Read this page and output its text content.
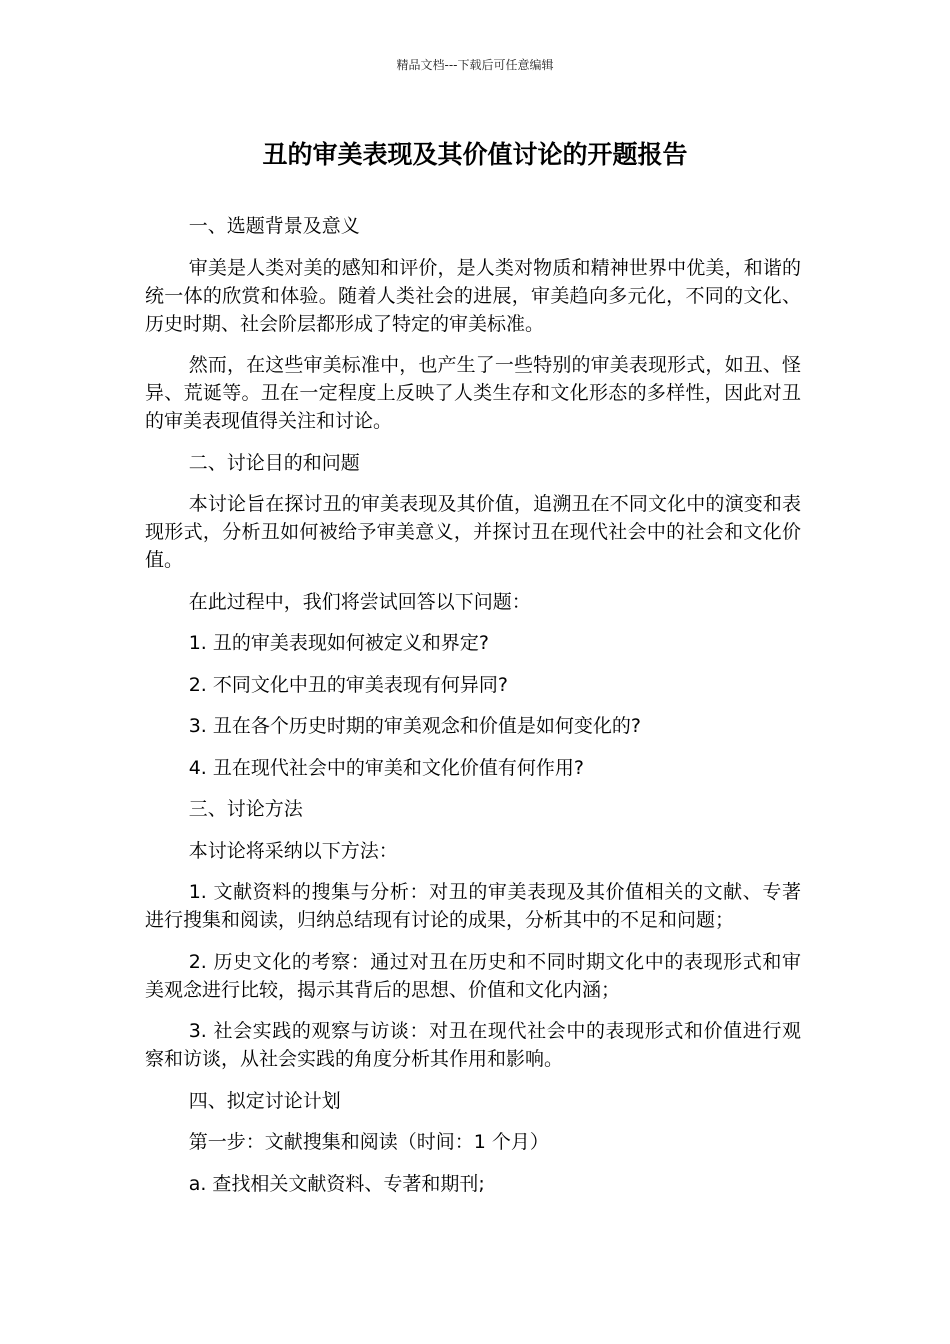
精品文档---下载后可任意编辑
丑的审美表现及其价值讨论的开题报告

一、选题背景及意义

审美是人类对美的感知和评价，是人类对物质和精神世界中优美，和谐的统一体的欣赏和体验。随着人类社会的进展，审美趋向多元化，不同的文化、历史时期、社会阶层都形成了特定的审美标准。

然而，在这些审美标准中，也产生了一些特别的审美表现形式，如丑、怪异、荒诞等。丑在一定程度上反映了人类生存和文化形态的多样性，因此对丑的审美表现值得关注和讨论。

二、讨论目的和问题

本讨论旨在探讨丑的审美表现及其价值，追溯丑在不同文化中的演变和表现形式，分析丑如何被给予审美意义，并探讨丑在现代社会中的社会和文化价值。

在此过程中，我们将尝试回答以下问题：

1. 丑的审美表现如何被定义和界定?

2. 不同文化中丑的审美表现有何异同?

3. 丑在各个历史时期的审美观念和价值是如何变化的?

4. 丑在现代社会中的审美和文化价值有何作用?

三、讨论方法

本讨论将采纳以下方法：

1. 文献资料的搜集与分析：对丑的审美表现及其价值相关的文献、专著进行搜集和阅读，归纳总结现有讨论的成果，分析其中的不足和问题；

2. 历史文化的考察：通过对丑在历史和不同时期文化中的表现形式和审美观念进行比较，揭示其背后的思想、价值和文化内涵；

3. 社会实践的观察与访谈：对丑在现代社会中的表现形式和价值进行观察和访谈，从社会实践的角度分析其作用和影响。

四、拟定讨论计划

第一步：文献搜集和阅读（时间：1 个月）

a. 查找相关文献资料、专著和期刊;
